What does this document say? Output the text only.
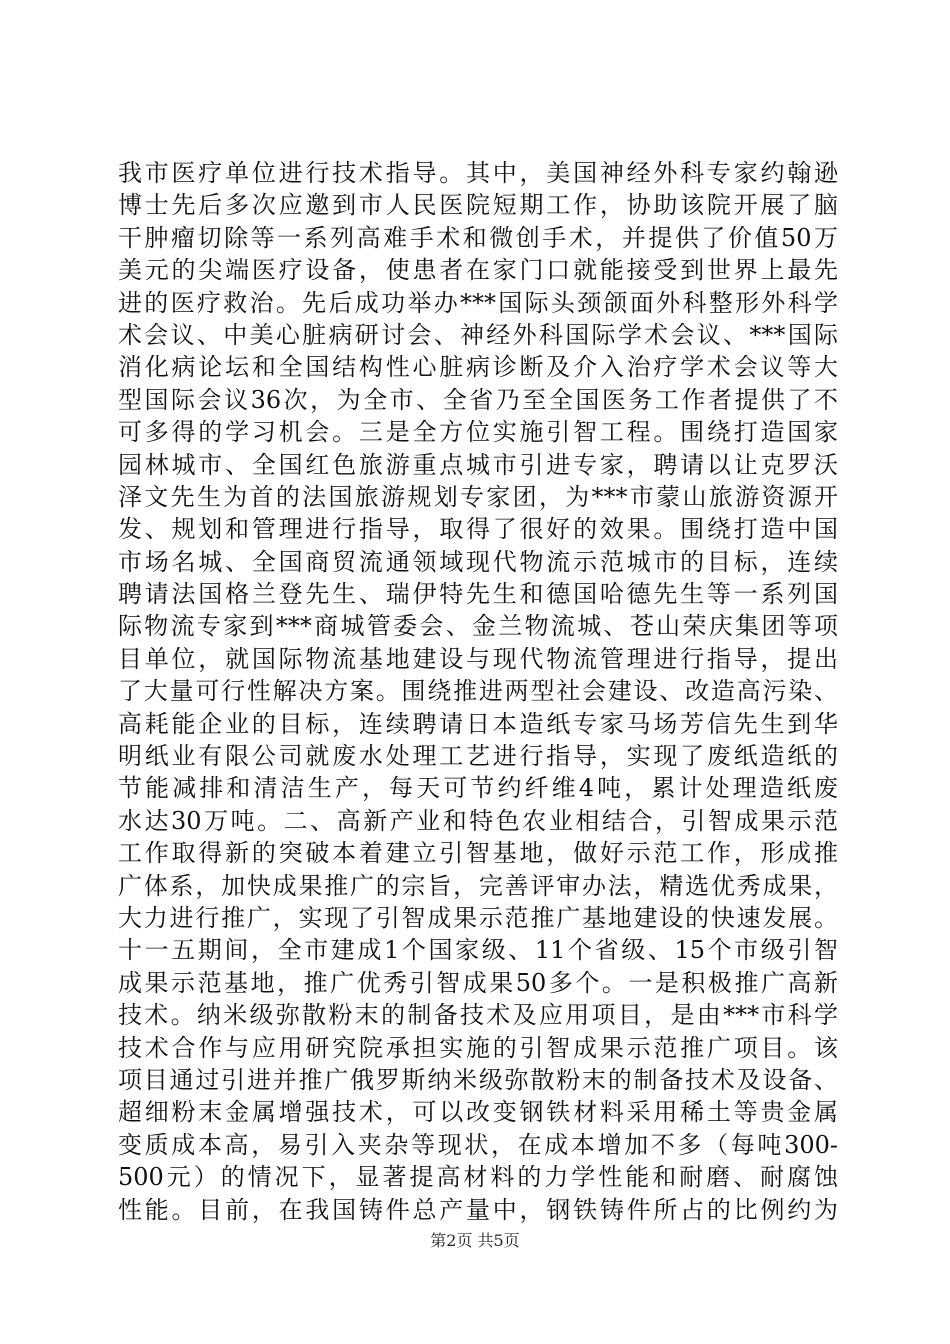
我市医疗单位进行技术指导。其中，美国神经外科专家约翰逊
博士先后多次应邀到市人民医院短期工作，协助该院开展了脑
干肿瘤切除等一系列高难手术和微创手术，并提供了价值50万
美元的尖端医疗设备，使患者在家门口就能接受到世界上最先
进的医疗救治。先后成功举办***国际头颈颌面外科整形外科学
术会议、中美心脏病研讨会、神经外科国际学术会议、***国际
消化病论坛和全国结构性心脏病诊断及介入治疗学术会议等大
型国际会议36次，为全市、全省乃至全国医务工作者提供了不
可多得的学习机会。三是全方位实施引智工程。围绕打造国家
园林城市、全国红色旅游重点城市引进专家，聘请以让克罗沃
泽文先生为首的法国旅游规划专家团，为***市蒙山旅游资源开
发、规划和管理进行指导，取得了很好的效果。围绕打造中国
市场名城、全国商贸流通领域现代物流示范城市的目标，连续
聘请法国格兰登先生、瑞伊特先生和德国哈德先生等一系列国
际物流专家到***商城管委会、金兰物流城、苍山荣庆集团等项
目单位，就国际物流基地建设与现代物流管理进行指导，提出
了大量可行性解决方案。围绕推进两型社会建设、改造高污染、
高耗能企业的目标，连续聘请日本造纸专家马场芳信先生到华
明纸业有限公司就废水处理工艺进行指导，实现了废纸造纸的
节能减排和清洁生产，每天可节约纤维4吨，累计处理造纸废
水达30万吨。二、高新产业和特色农业相结合，引智成果示范
工作取得新的突破本着建立引智基地，做好示范工作，形成推
广体系，加快成果推广的宗旨，完善评审办法，精选优秀成果，
大力进行推广，实现了引智成果示范推广基地建设的快速发展。
十一五期间，全市建成1个国家级、11个省级、15个市级引智
成果示范基地，推广优秀引智成果50多个。一是积极推广高新
技术。纳米级弥散粉末的制备技术及应用项目，是由***市科学
技术合作与应用研究院承担实施的引智成果示范推广项目。该
项目通过引进并推广俄罗斯纳米级弥散粉末的制备技术及设备、
超细粉末金属增强技术，可以改变钢铁材料采用稀土等贵金属
变质成本高，易引入夹杂等现状，在成本增加不多（每吨300-
500元）的情况下，显著提高材料的力学性能和耐磨、耐腐蚀
性能。目前，在我国铸件总产量中，钢铁铸件所占的比例约为
第2页 共5页
